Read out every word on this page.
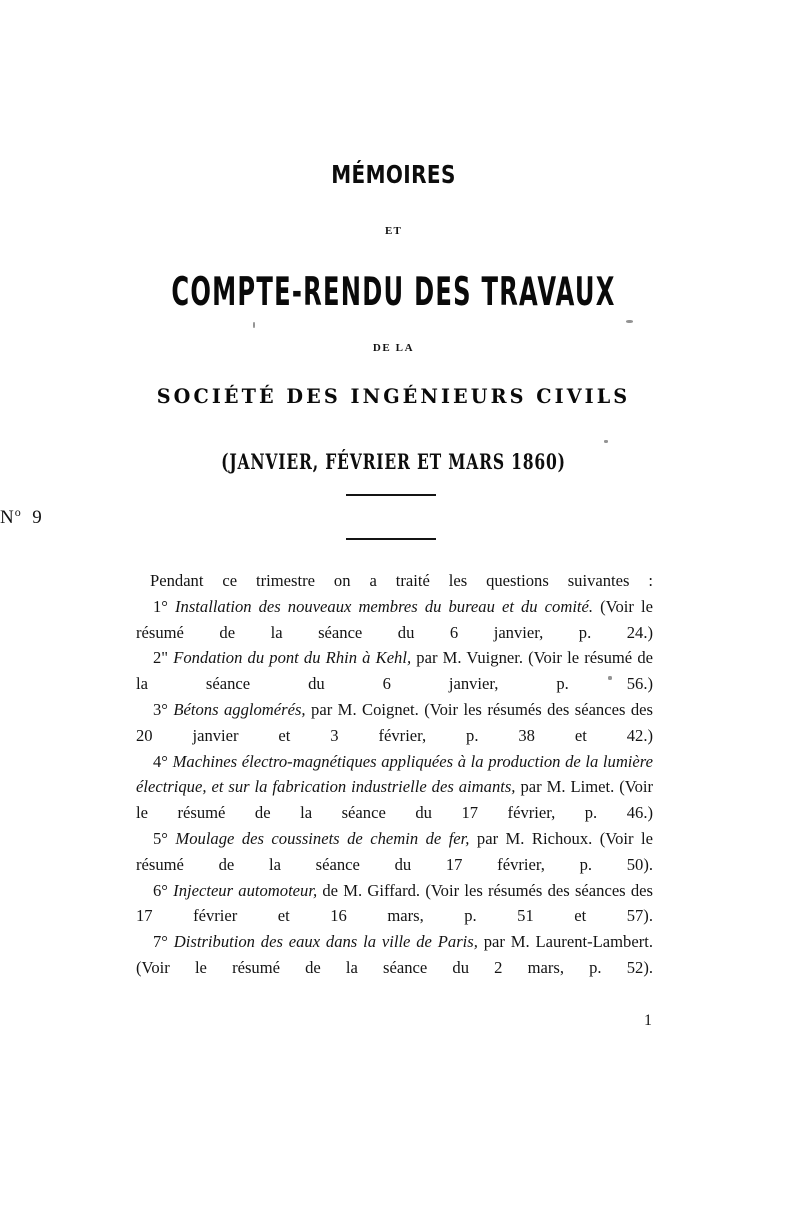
MÉMOIRES
ET
COMPTE-RENDU DES TRAVAUX
DE LA
SOCIÉTÉ DES INGÉNIEURS CIVILS
(JANVIER, FÉVRIER ET MARS 1860)
$N^o$ 9

Pendant ce trimestre on a traité les questions suivantes :

1° Installation des nouveaux membres du bureau et du comité. (Voir le résumé de la séance du 6 janvier, p. 24.)

2" Fondation du pont du Rhin à Kehl, par M. Vuigner. (Voir le résumé de la séance du 6 janvier, p. 56.)

3° Bétons agglomérés, par M. Coignet. (Voir les résumés des séances des 20 janvier et 3 février, p. 38 et 42.)

4° Machines électro-magnétiques appliquées à la production de la lumière électrique, et sur la fabrication industrielle des aimants, par M. Limet. (Voir le résumé de la séance du 17 février, p. 46.)

5° Moulage des coussinets de chemin de fer, par M. Richoux. (Voir le résumé de la séance du 17 février, p. 50).

6° Injecteur automoteur, de M. Giffard. (Voir les résumés des séances des 17 février et 16 mars, p. 51 et 57).

7° Distribution des eaux dans la ville de Paris, par M. Laurent-Lambert. (Voir le résumé de la séance du 2 mars, p. 52).

1
